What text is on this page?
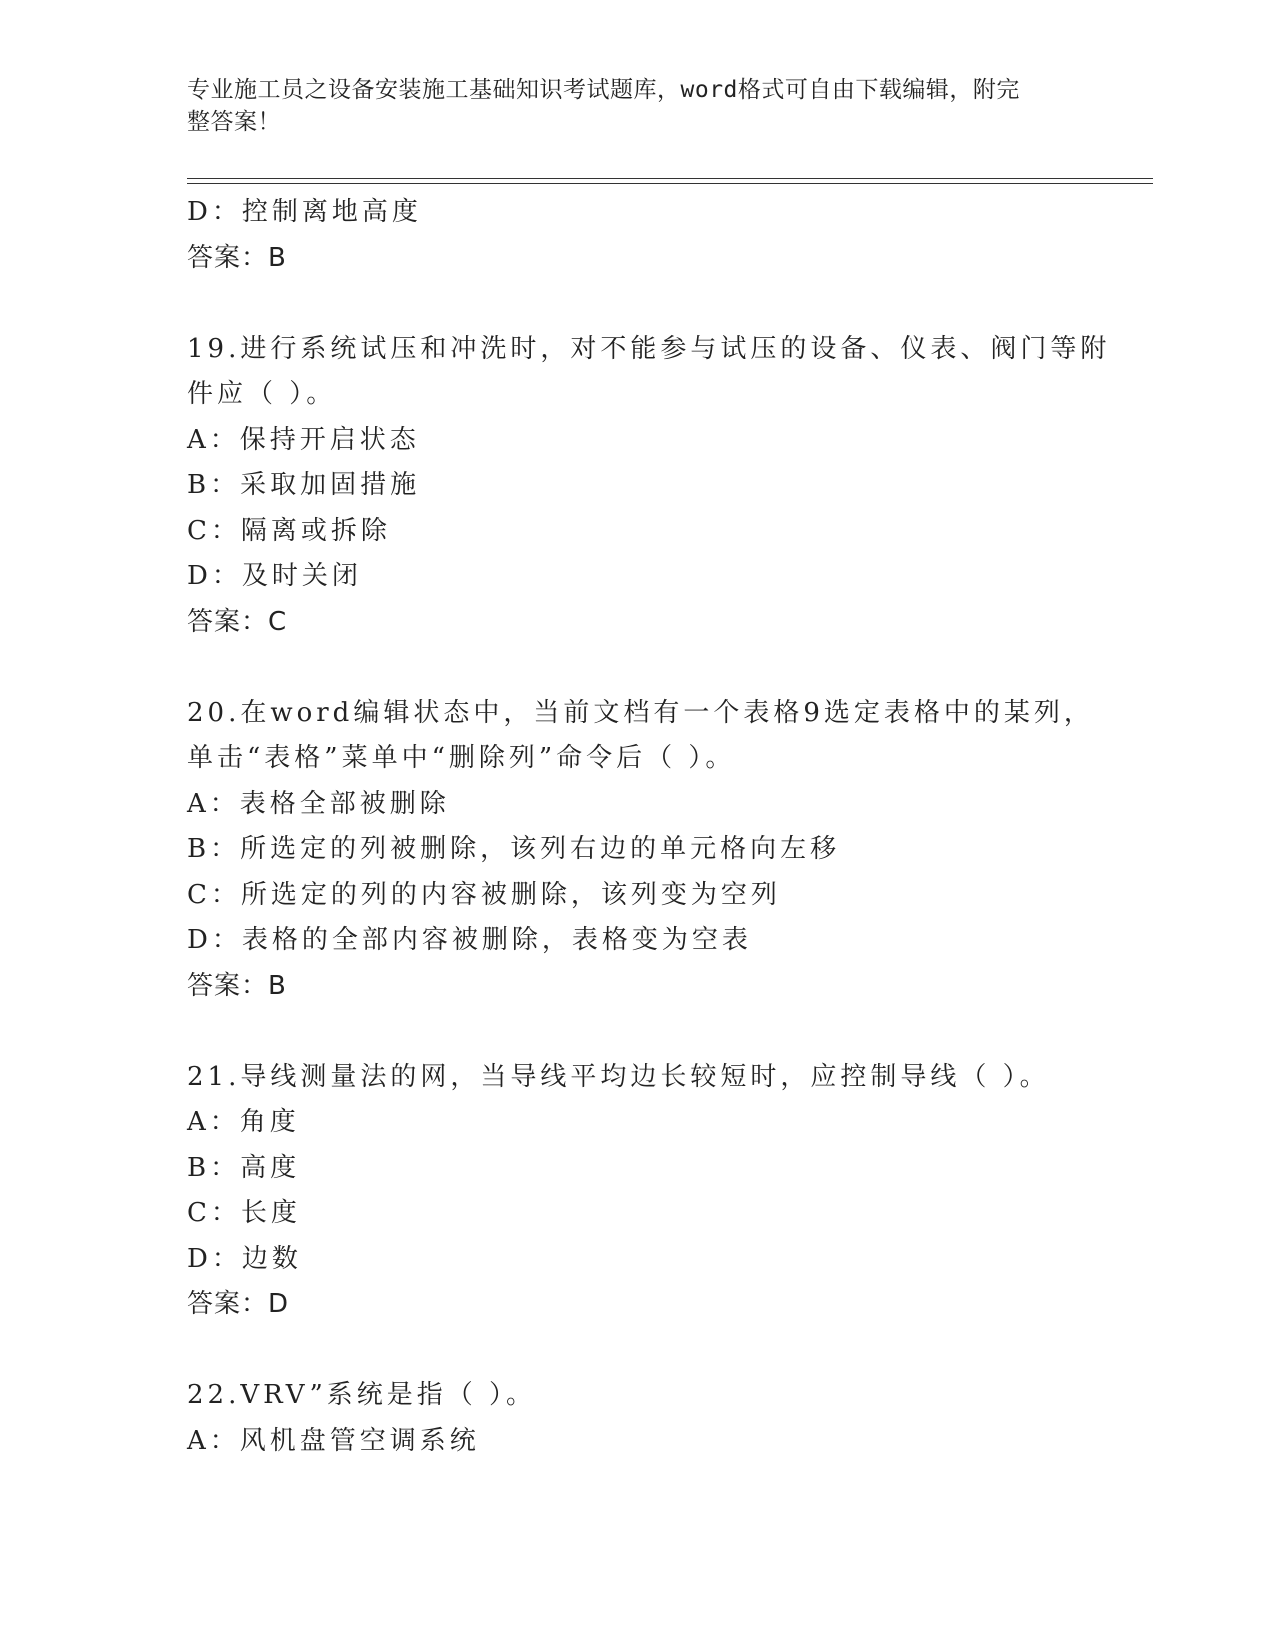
专业施工员之设备安装施工基础知识考试题库，word格式可自由下载编辑，附完
整答案！
D：控制离地高度
答案：B
19.进行系统试压和冲洗时，对不能参与试压的设备、仪表、阀门等附
件应（ ）。
A：保持开启状态
B：采取加固措施
C：隔离或拆除
D：及时关闭
答案：C
20.在word编辑状态中，当前文档有一个表格9选定表格中的某列，
单击“表格”菜单中“删除列”命令后（ ）。
A：表格全部被删除
B：所选定的列被删除，该列右边的单元格向左移
C：所选定的列的内容被删除，该列变为空列
D：表格的全部内容被删除，表格变为空表
答案：B
21.导线测量法的网，当导线平均边长较短时，应控制导线（ ）。
A：角度
B：高度
C：长度
D：边数
答案：D
22.VRV”系统是指（ ）。
A：风机盘管空调系统
